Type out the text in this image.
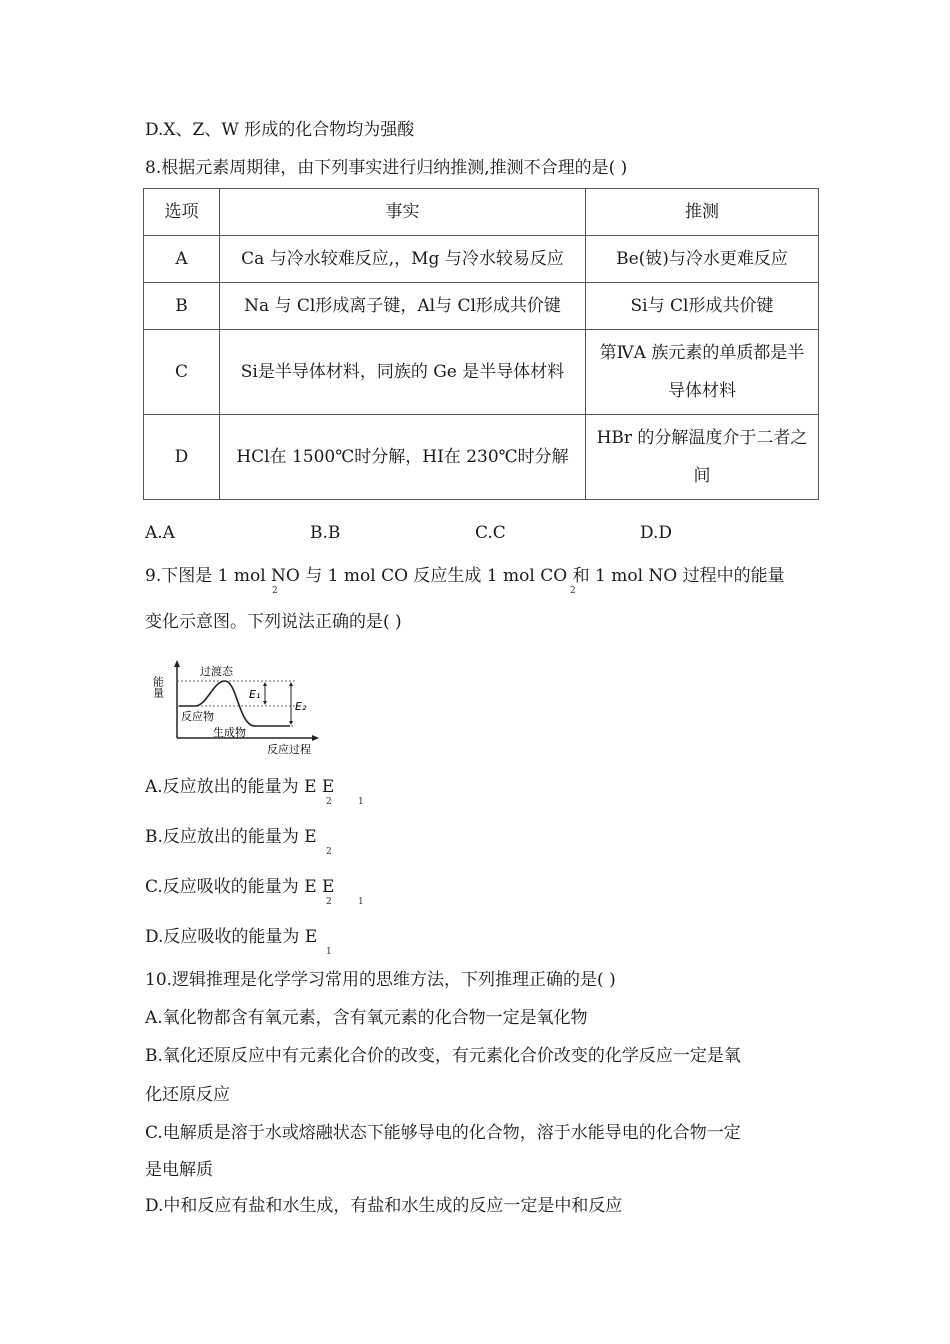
D.X、Z、W 形成的化合物均为强酸
8.根据元素周期律，由下列事实进行归纳推测,推测不合理的是( )
选项	事实	推测
A	Ca 与冷水较难反应,，Mg 与冷水较易反应	Be(铍)与冷水更难反应
B	Na 与 Cl形成离子键，Al与 Cl形成共价键	Si与 Cl形成共价键
C	Si是半导体材料，同族的 Ge 是半导体材料	第ⅣA 族元素的单质都是半导体材料
D	HCl在 1500℃时分解，HI在 230℃时分解	HBr 的分解温度介于二者之间
A.A	B.B	C.C	D.D
9.下图是 1 mol NO 与 1 mol CO 反应生成 1 mol CO 和 1 mol NO 过程中的能量
2	2
变化示意图。下列说法正确的是( )
能量
过渡态
反应物
生成物
E₁
E₂
反应过程
A.反应放出的能量为 E E
2	1
B.反应放出的能量为 E
2
C.反应吸收的能量为 E E
2	1
D.反应吸收的能量为 E
1
10.逻辑推理是化学学习常用的思维方法，下列推理正确的是( )
A.氧化物都含有氧元素，含有氧元素的化合物一定是氧化物
B.氧化还原反应中有元素化合价的改变，有元素化合价改变的化学反应一定是氧
化还原反应
C.电解质是溶于水或熔融状态下能够导电的化合物，溶于水能导电的化合物一定
是电解质
D.中和反应有盐和水生成，有盐和水生成的反应一定是中和反应
